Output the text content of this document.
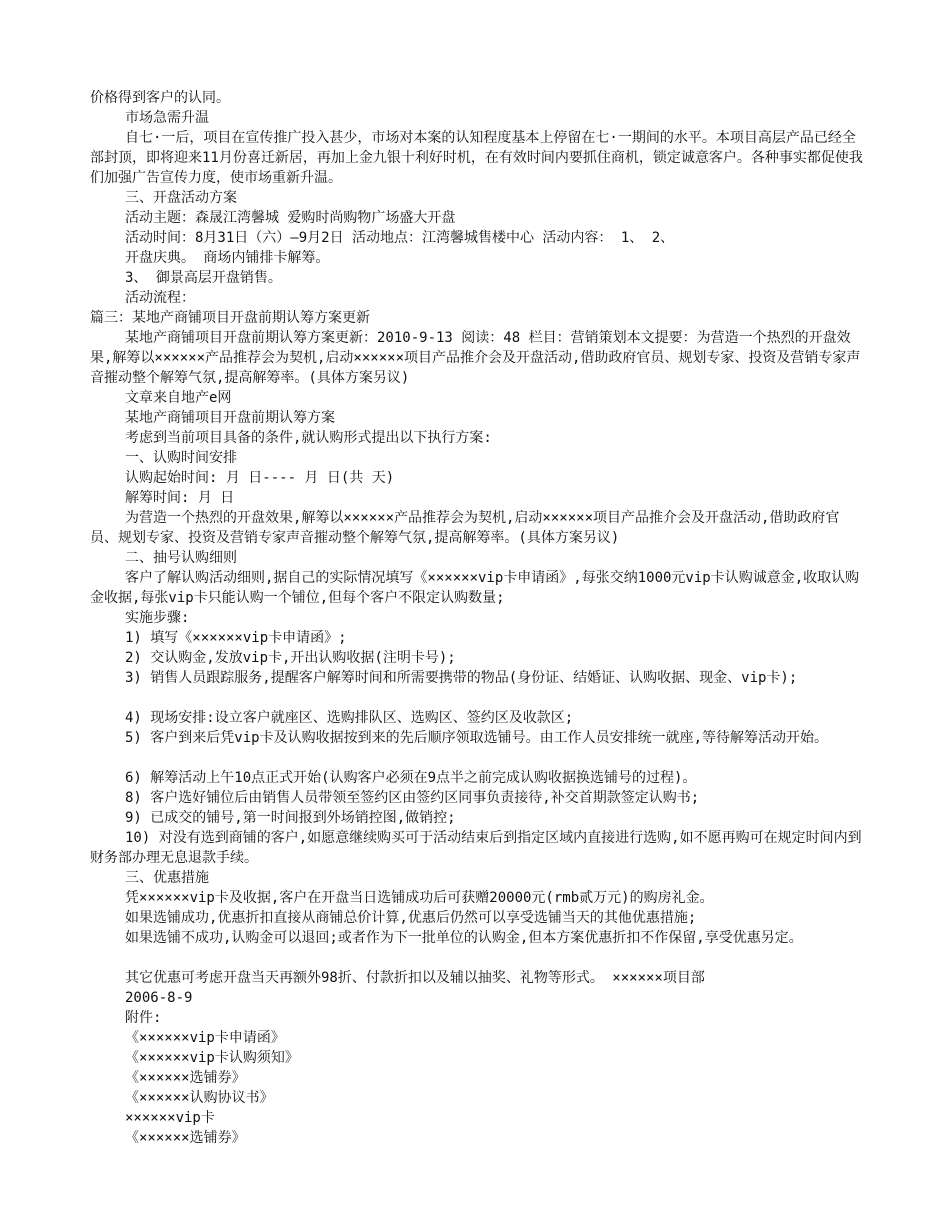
价格得到客户的认同。
市场急需升温
自七·一后，项目在宣传推广投入甚少，市场对本案的认知程度基本上停留在七·一期间的水平。本项目高层产品已经全部封顶，即将迎来11月份喜迁新居，再加上金九银十利好时机，在有效时间内要抓住商机，锁定诚意客户。各种事实都促使我们加强广告宣传力度，使市场重新升温。
三、开盘活动方案
活动主题：森晟江湾馨城 爱购时尚购物广场盛大开盘
活动时间：8月31日（六）—9月2日 活动地点：江湾馨城售楼中心 活动内容： 1、 2、
开盘庆典。 商场内铺排卡解筹。
3、 御景高层开盘销售。
活动流程：
篇三：某地产商铺项目开盘前期认筹方案更新
某地产商铺项目开盘前期认筹方案更新：2010-9-13 阅读：48 栏目：营销策划本文提要：为营造一个热烈的开盘效果,解筹以××××××产品推荐会为契机,启动××××××项目产品推介会及开盘活动,借助政府官员、规划专家、投资及营销专家声音摧动整个解筹气氛,提高解筹率。(具体方案另议)
文章来自地产e网
某地产商铺项目开盘前期认筹方案
考虑到当前项目具备的条件,就认购形式提出以下执行方案:
一、认购时间安排
认购起始时间: 月 日---- 月 日(共 天)
解筹时间: 月 日
为营造一个热烈的开盘效果,解筹以××××××产品推荐会为契机,启动××××××项目产品推介会及开盘活动,借助政府官员、规划专家、投资及营销专家声音摧动整个解筹气氛,提高解筹率。(具体方案另议)
二、抽号认购细则
客户了解认购活动细则,据自己的实际情况填写《××××××vip卡申请函》,每张交纳1000元vip卡认购诚意金,收取认购金收据,每张vip卡只能认购一个铺位,但每个客户不限定认购数量;
实施步骤:
1) 填写《××××××vip卡申请函》;
2) 交认购金,发放vip卡,开出认购收据(注明卡号);
3) 销售人员跟踪服务,提醒客户解筹时间和所需要携带的物品(身份证、结婚证、认购收据、现金、vip卡);
4) 现场安排:设立客户就座区、选购排队区、选购区、签约区及收款区;
5) 客户到来后凭vip卡及认购收据按到来的先后顺序领取选铺号。由工作人员安排统一就座,等待解筹活动开始。
6) 解筹活动上午10点正式开始(认购客户必须在9点半之前完成认购收据换选铺号的过程)。
8) 客户选好铺位后由销售人员带领至签约区由签约区同事负责接待,补交首期款签定认购书;
9) 已成交的铺号,第一时间报到外场销控图,做销控;
10) 对没有选到商铺的客户,如愿意继续购买可于活动结束后到指定区域内直接进行选购,如不愿再购可在规定时间内到财务部办理无息退款手续。
三、优惠措施
凭××××××vip卡及收据,客户在开盘当日选铺成功后可获赠20000元(rmb贰万元)的购房礼金。
如果选铺成功,优惠折扣直接从商铺总价计算,优惠后仍然可以享受选铺当天的其他优惠措施;
如果选铺不成功,认购金可以退回;或者作为下一批单位的认购金,但本方案优惠折扣不作保留,享受优惠另定。
其它优惠可考虑开盘当天再额外98折、付款折扣以及辅以抽奖、礼物等形式。 ××××××项目部
2006-8-9
附件:
《××××××vip卡申请函》
《××××××vip卡认购须知》
《××××××选铺券》
《××××××认购协议书》
××××××vip卡
《××××××选铺券》
